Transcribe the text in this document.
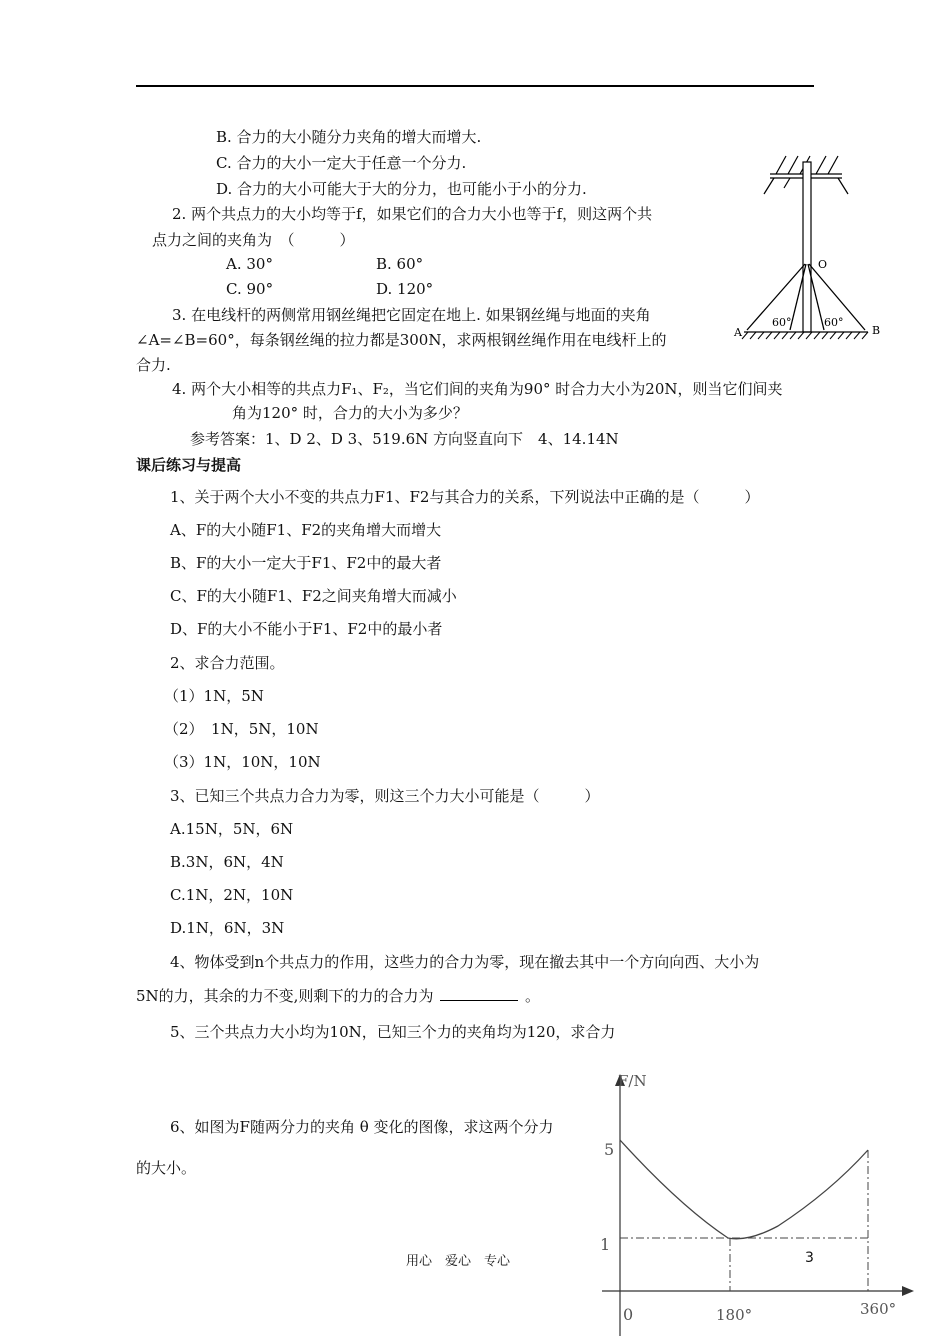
B. 合力的大小随分力夹角的增大而增大.
C. 合力的大小一定大于任意一个分力.
D. 合力的大小可能大于大的分力，也可能小于小的分力.
2. 两个共点力的大小均等于f，如果它们的合力大小也等于f，则这两个共
点力之间的夹角为　（　　　）
A. 30°	B. 60°
C. 90°	D. 120°
3. 在电线杆的两侧常用钢丝绳把它固定在地上. 如果钢丝绳与地面的夹角
∠A=∠B=60°，每条钢丝绳的拉力都是300N，求两根钢丝绳作用在电线杆上的
合力.
4. 两个大小相等的共点力F₁、F₂，当它们间的夹角为90° 时合力大小为20N，则当它们间夹
角为120° 时，合力的大小为多少？
参考答案：1、D 2、D 3、519.6N 方向竖直向下　4、14.14N
课后练习与提高
1、关于两个大小不变的共点力F1、F2与其合力的关系，下列说法中正确的是（　　　）
A、F的大小随F1、F2的夹角增大而增大
B、F的大小一定大于F1、F2中的最大者
C、F的大小随F1、F2之间夹角增大而减小
D、F的大小不能小于F1、F2中的最小者
2、求合力范围。
（1）1N，5N
（2）　1N，5N，10N
（3）1N，10N，10N
3、已知三个共点力合力为零，则这三个力大小可能是（　　　）
A.15N，5N，6N
B.3N，6N，4N
C.1N，2N，10N
D.1N，6N，3N
4、物体受到n个共点力的作用，这些力的合力为零，现在撤去其中一个方向向西、大小为
5N的力，其余的力不变,则剩下的力的合力为	。
5、三个共点力大小均为10N，已知三个力的夹角均为120，求合力
6、如图为F随两分力的夹角 θ 变化的图像，求这两个分力
的大小。
用心　爱心　专心	3
O
A	B
60°	60°
F/N
5
1
0	180°	360°
